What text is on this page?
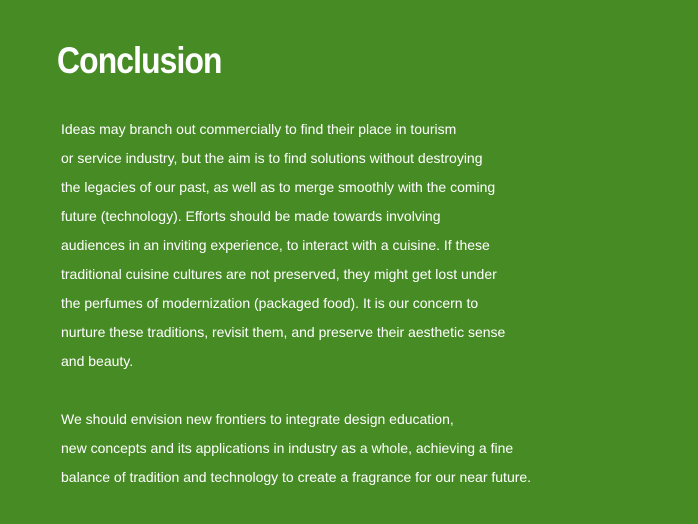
Conclusion
Ideas may branch out commercially to find their place in tourism
or service industry, but the aim is to find solutions without destroying
the legacies of our past, as well as to merge smoothly with the coming
future (technology). Efforts should be made towards involving
audiences in an inviting experience, to interact with a cuisine. If these
traditional cuisine cultures are not preserved, they might get lost under
the perfumes of modernization (packaged food). It is our concern to
nurture these traditions, revisit them, and preserve their aesthetic sense
and beauty.
We should envision new frontiers to integrate design education,
new concepts and its applications in industry as a whole, achieving a fine
balance of tradition and technology to create a fragrance for our near future.
